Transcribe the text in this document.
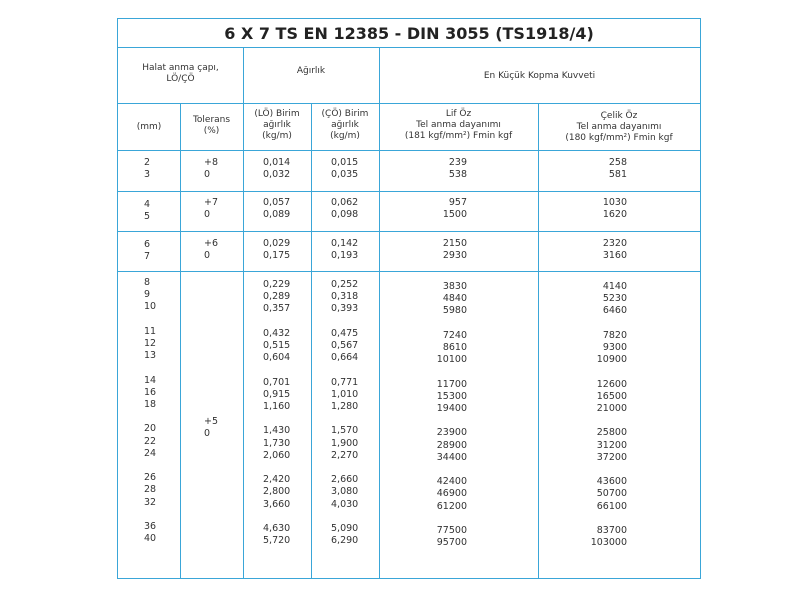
6 X 7 TS EN 12385 - DIN 3055 (TS1918/4)
Halat anma çapı,
LÖ/ÇÖ
Ağırlık	En Küçük Kopma Kuvveti
(mm)
Tolerans
(%)
(LÖ) Birim
ağırlık
(kg/m)
(ÇÖ) Birim
ağırlık
(kg/m)
Lif Öz
Tel anma dayanımı
(181 kgf/mm²) Fmin kgf
Çelik Öz
Tel anma dayanımı
(180 kgf/mm²) Fmin kgf
2
3
+8
0
0,014
0,032
0,015
0,035
239
538
258
581
4
5
+7
0
0,057
0,089
0,062
0,098
957
1500
1030
1620
6
7
+6
0
0,029
0,175
0,142
0,193
2150
2930
2320
3160
8
9
10

11
12
13

14
16
18

20
22
24

26
28
32

36
40
+5
0
0,229
0,289
0,357

0,432
0,515
0,604

0,701
0,915
1,160

1,430
1,730
2,060

2,420
2,800
3,660

4,630
5,720
0,252
0,318
0,393

0,475
0,567
0,664

0,771
1,010
1,280

1,570
1,900
2,270

2,660
3,080
4,030

5,090
6,290
3830
4840
5980

7240
8610
10100

11700
15300
19400

23900
28900
34400

42400
46900
61200

77500
95700
4140
5230
6460

7820
9300
10900

12600
16500
21000

25800
31200
37200

43600
50700
66100

83700
103000
